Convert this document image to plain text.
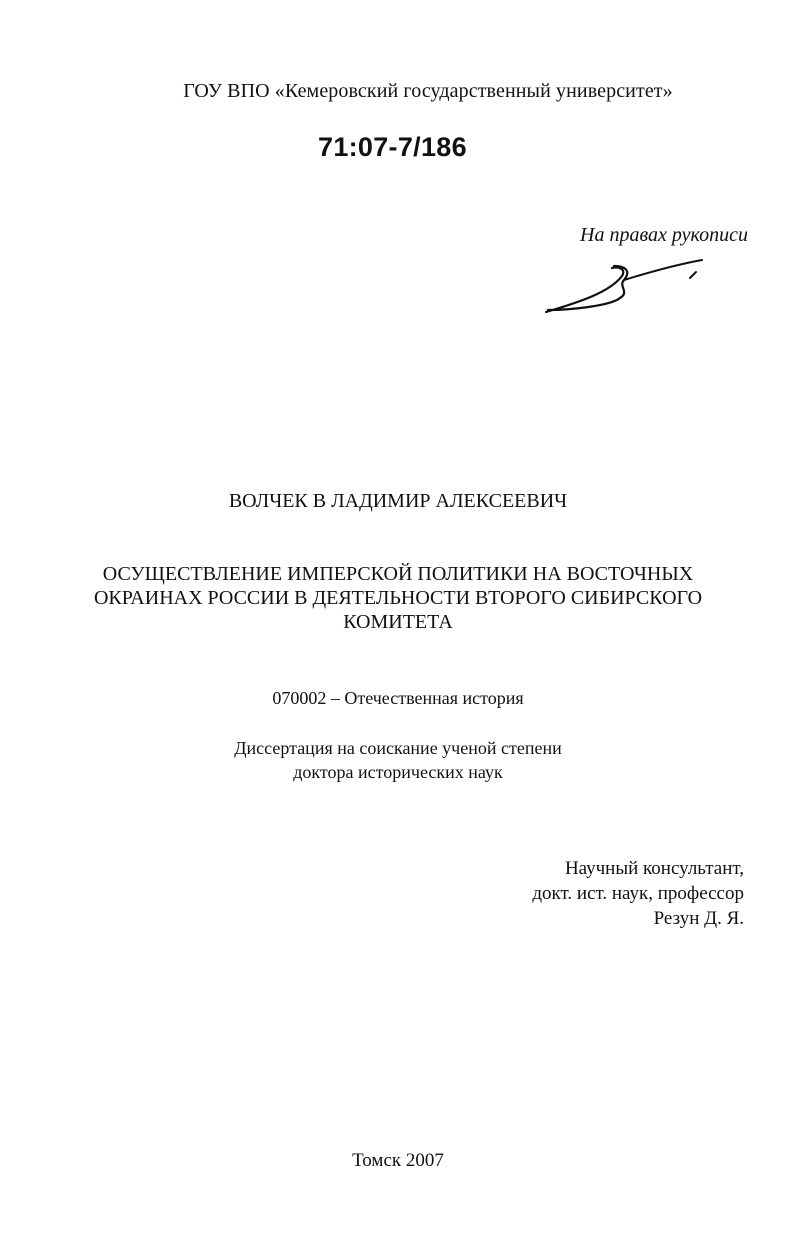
ГОУ ВПО «Кемеровский государственный университет»
71:07-7/186
На правах рукописи
ВОЛЧЕК В ЛАДИМИР АЛЕКСЕЕВИЧ
ОСУЩЕСТВЛЕНИЕ ИМПЕРСКОЙ ПОЛИТИКИ НА ВОСТОЧНЫХ
ОКРАИНАХ РОССИИ В ДЕЯТЕЛЬНОСТИ ВТОРОГО СИБИРСКОГО
КОМИТЕТА
070002 – Отечественная история
Диссертация на соискание ученой степени
доктора исторических наук
Научный консультант,
докт. ист. наук, профессор
Резун Д. Я.
Томск 2007
